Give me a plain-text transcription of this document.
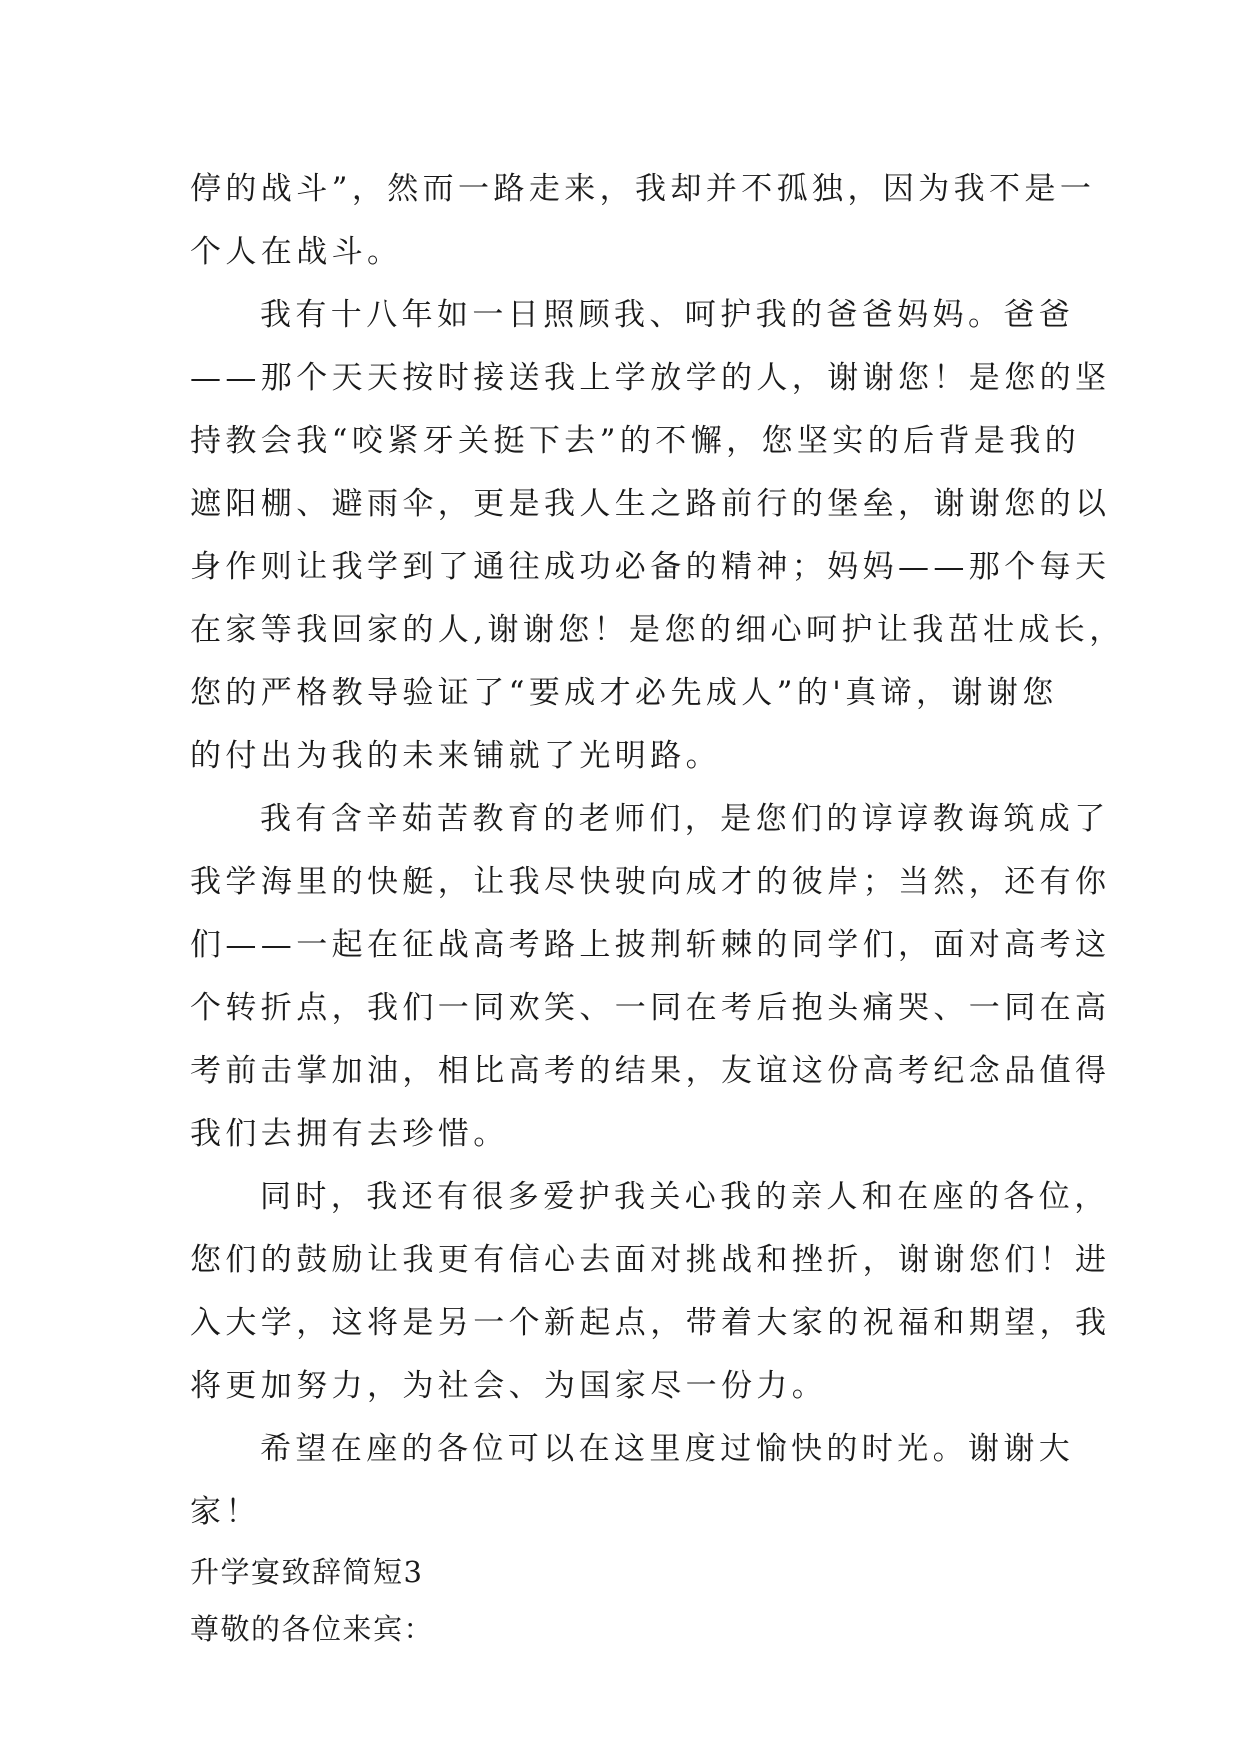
停的战斗”，然而一路走来，我却并不孤独，因为我不是一
个人在战斗。
我有十八年如一日照顾我、呵护我的爸爸妈妈。爸爸
——那个天天按时接送我上学放学的人，谢谢您！是您的坚
持教会我“咬紧牙关挺下去”的不懈，您坚实的后背是我的
遮阳棚、避雨伞，更是我人生之路前行的堡垒，谢谢您的以
身作则让我学到了通往成功必备的精神；妈妈——那个每天
在家等我回家的人,谢谢您！是您的细心呵护让我茁壮成长，
您的严格教导验证了“要成才必先成人”的'真谛，谢谢您
的付出为我的未来铺就了光明路。
我有含辛茹苦教育的老师们，是您们的谆谆教诲筑成了
我学海里的快艇，让我尽快驶向成才的彼岸；当然，还有你
们——一起在征战高考路上披荆斩棘的同学们，面对高考这
个转折点，我们一同欢笑、一同在考后抱头痛哭、一同在高
考前击掌加油，相比高考的结果，友谊这份高考纪念品值得
我们去拥有去珍惜。
同时，我还有很多爱护我关心我的亲人和在座的各位，
您们的鼓励让我更有信心去面对挑战和挫折，谢谢您们！进
入大学，这将是另一个新起点，带着大家的祝福和期望，我
将更加努力，为社会、为国家尽一份力。
希望在座的各位可以在这里度过愉快的时光。谢谢大
家！
升学宴致辞简短3
尊敬的各位来宾：
